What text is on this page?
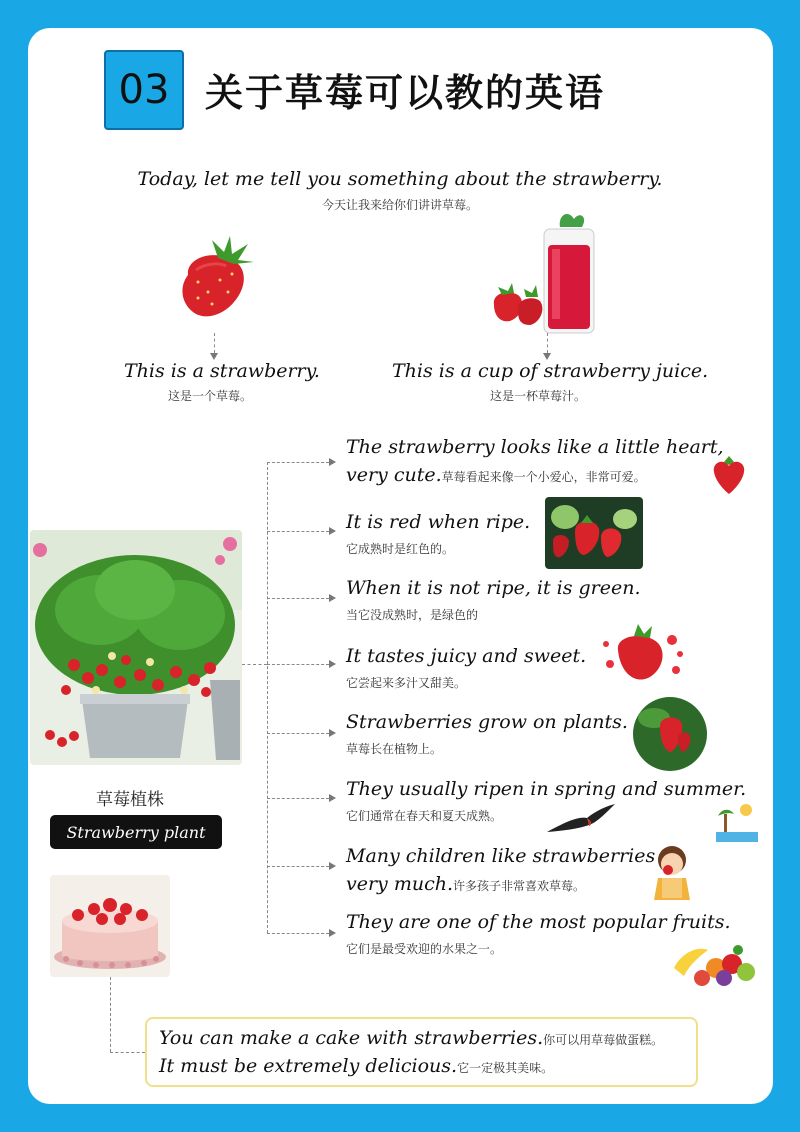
03 关于草莓可以教的英语
Today, let me tell you something about the strawberry.
今天让我来给你们讲讲草莓。
This is a strawberry.
这是一个草莓。
This is a cup of strawberry juice.
这是一杯草莓汁。
草莓植株
Strawberry plant
The strawberry looks like a little heart,
very cute.草莓看起来像一个小爱心，非常可爱。
It is red when ripe.
它成熟时是红色的。
When it is not ripe, it is green.
当它没成熟时，是绿色的
It tastes juicy and sweet.
它尝起来多汁又甜美。
Strawberries grow on plants.
草莓长在植物上。
They usually ripen in spring and summer.
它们通常在春天和夏天成熟。
Many children like strawberries
very much.许多孩子非常喜欢草莓。
They are one of the most popular fruits.
它们是最受欢迎的水果之一。
You can make a cake with strawberries.你可以用草莓做蛋糕。
It must be extremely delicious.它一定极其美味。
